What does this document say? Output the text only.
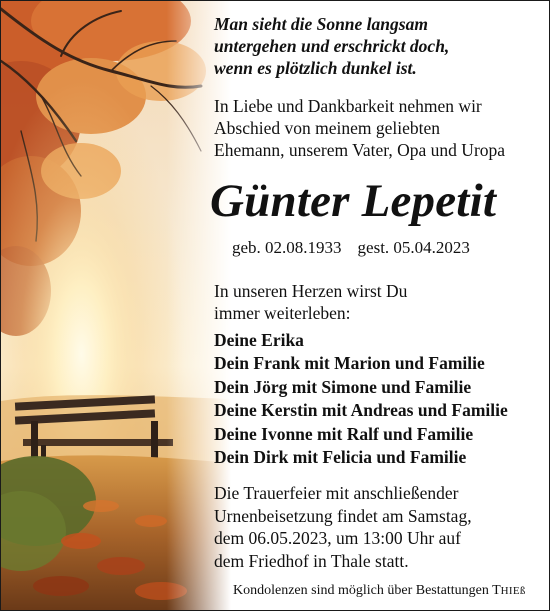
Man sieht die Sonne langsam
untergehen und erschrickt doch,
wenn es plötzlich dunkel ist.
In Liebe und Dankbarkeit nehmen wir
Abschied von meinem geliebten
Ehemann, unserem Vater, Opa und Uropa
Günter Lepetit
geb. 02.08.1933 gest. 05.04.2023
In unseren Herzen wirst Du
immer weiterleben:
Deine Erika
Dein Frank mit Marion und Familie
Dein Jörg mit Simone und Familie
Deine Kerstin mit Andreas und Familie
Deine Ivonne mit Ralf und Familie
Dein Dirk mit Felicia und Familie
Die Trauerfeier mit anschließender
Urnenbeisetzung findet am Samstag,
dem 06.05.2023, um 13:00 Uhr auf
dem Friedhof in Thale statt.
Kondolenzen sind möglich über Bestattungen THIEß
